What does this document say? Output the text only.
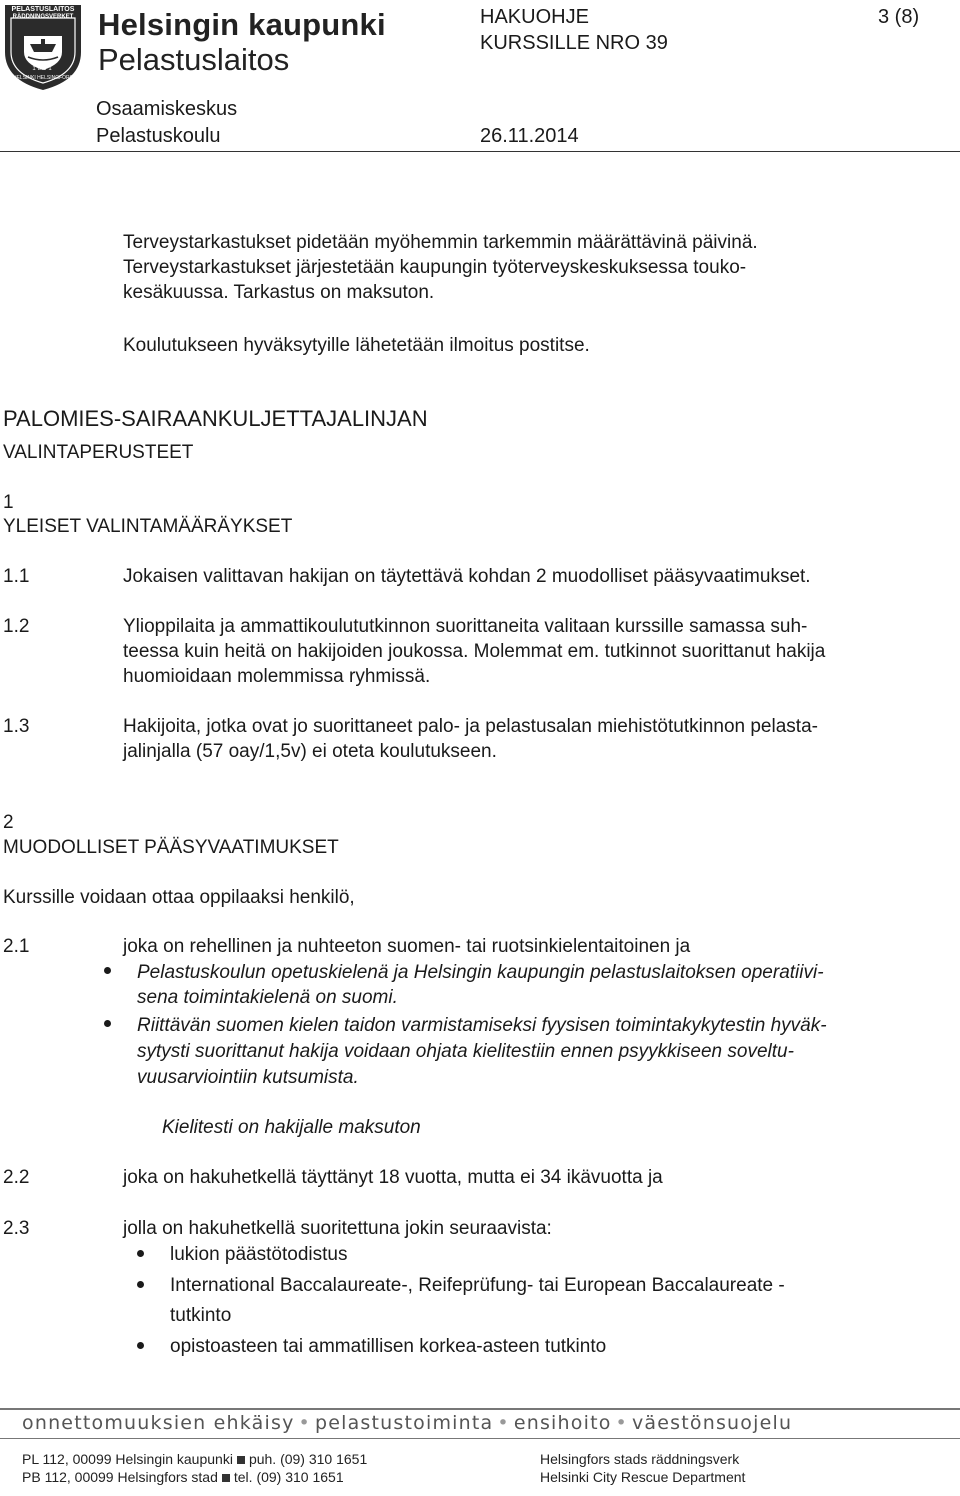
PELASTUSLAITOS
RÄDDNINGSVERKET
1861
HELSINKI HELSINGFORS
Helsingin kaupunki
Pelastuslaitos
HAKUOHJE
KURSSILLE NRO 39
3 (8)
Osaamiskeskus
Pelastuskoulu	26.11.2014
Terveystarkastukset pidetään myöhemmin tarkemmin määrättävinä päivinä.
Terveystarkastukset järjestetään kaupungin työterveyskeskuksessa touko-
kesäkuussa. Tarkastus on maksuton.
Koulutukseen hyväksytyille lähetetään ilmoitus postitse.
PALOMIES-SAIRAANKULJETTAJALINJAN
VALINTAPERUSTEET
1
YLEISET VALINTAMÄÄRÄYKSET
1.1	Jokaisen valittavan hakijan on täytettävä kohdan 2 muodolliset pääsyvaatimukset.
1.2	Ylioppilaita ja ammattikoulututkinnon suorittaneita valitaan kurssille samassa suh-
teessa kuin heitä on hakijoiden joukossa. Molemmat em. tutkinnot suorittanut hakija
huomioidaan molemmissa ryhmissä.
1.3	Hakijoita, jotka ovat jo suorittaneet palo- ja pelastusalan miehistötutkinnon pelasta-
jalinjalla (57 oay/1,5v) ei oteta koulutukseen.
2
MUODOLLISET PÄÄSYVAATIMUKSET
Kurssille voidaan ottaa oppilaaksi henkilö,
2.1	joka on rehellinen ja nuhteeton suomen- tai ruotsinkielentaitoinen ja
Pelastuskoulun opetuskielenä ja Helsingin kaupungin pelastuslaitoksen operatiivi-
sena toimintakielenä on suomi.
Riittävän suomen kielen taidon varmistamiseksi fyysisen toimintakykytestin hyväk-
sytysti suorittanut hakija voidaan ohjata kielitestiin ennen psyykkiseen soveltu-
vuusarviointiin kutsumista.
Kielitesti on hakijalle maksuton
2.2	joka on hakuhetkellä täyttänyt 18 vuotta, mutta ei 34 ikävuotta ja
2.3	jolla on hakuhetkellä suoritettuna jokin seuraavista:
lukion päästötodistus
International Baccalaureate-, Reifeprüfung- tai European Baccalaureate -
tutkinto
opistoasteen tai ammatillisen korkea-asteen tutkinto
onnettomuuksien ehkäisy • pelastustoiminta • ensihoito • väestönsuojelu
PL 112, 00099 Helsingin kaupunki puh. (09) 310 1651
PB 112, 00099 Helsingfors stad tel. (09) 310 1651
Helsingfors stads räddningsverk
Helsinki City Rescue Department
